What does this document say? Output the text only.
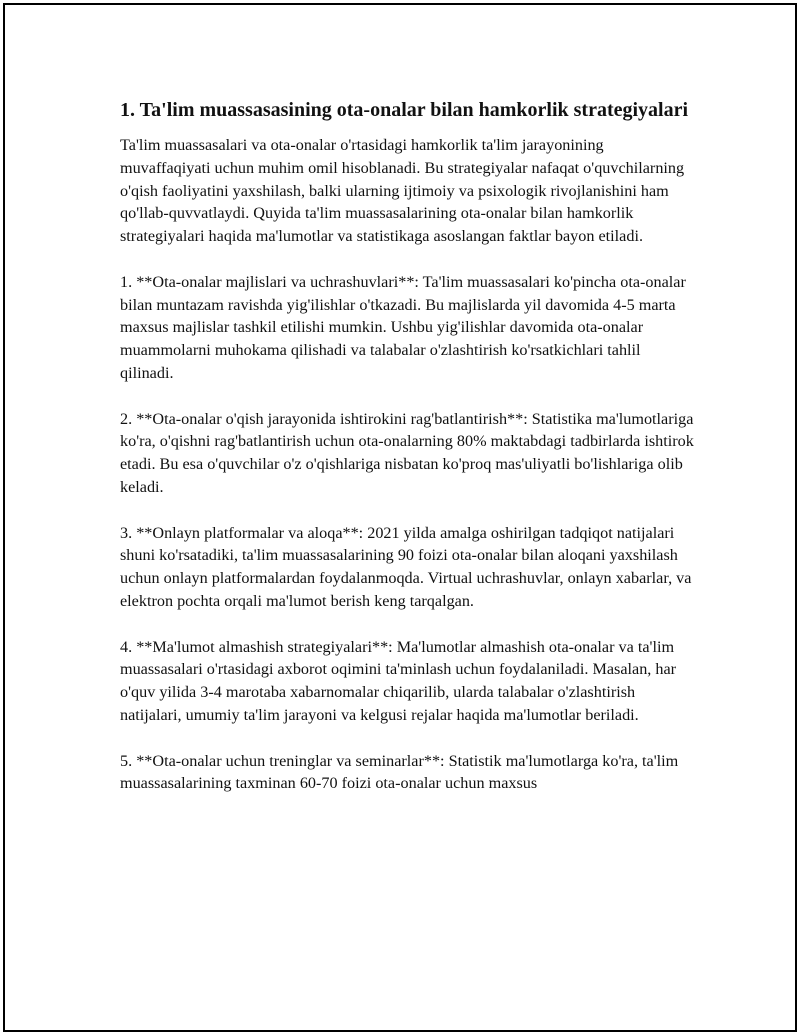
1. Ta'lim muassasasining ota-onalar bilan hamkorlik strategiyalari

Ta'lim muassasalari va ota-onalar o'rtasidagi hamkorlik ta'lim jarayonining muvaffaqiyati uchun muhim omil hisoblanadi. Bu strategiyalar nafaqat o'quvchilarning o'qish faoliyatini yaxshilash, balki ularning ijtimoiy va psixologik rivojlanishini ham qo'llab-quvvatlaydi. Quyida ta'lim muassasalarining ota-onalar bilan hamkorlik strategiyalari haqida ma'lumotlar va statistikaga asoslangan faktlar bayon etiladi.

1. **Ota-onalar majlislari va uchrashuvlari**: Ta'lim muassasalari ko'pincha ota-onalar bilan muntazam ravishda yig'ilishlar o'tkazadi. Bu majlislarda yil davomida 4-5 marta maxsus majlislar tashkil etilishi mumkin. Ushbu yig'ilishlar davomida ota-onalar muammolarni muhokama qilishadi va talabalar o'zlashtirish ko'rsatkichlari tahlil qilinadi.

2. **Ota-onalar o'qish jarayonida ishtirokini rag'batlantirish**: Statistika ma'lumotlariga ko'ra, o'qishni rag'batlantirish uchun ota-onalarning 80% maktabdagi tadbirlarda ishtirok etadi. Bu esa o'quvchilar o'z o'qishlariga nisbatan ko'proq mas'uliyatli bo'lishlariga olib keladi.

3. **Onlayn platformalar va aloqa**: 2021 yilda amalga oshirilgan tadqiqot natijalari shuni ko'rsatadiki, ta'lim muassasalarining 90 foizi ota-onalar bilan aloqani yaxshilash uchun onlayn platformalardan foydalanmoqda. Virtual uchrashuvlar, onlayn xabarlar, va elektron pochta orqali ma'lumot berish keng tarqalgan.

4. **Ma'lumot almashish strategiyalari**: Ma'lumotlar almashish ota-onalar va ta'lim muassasalari o'rtasidagi axborot oqimini ta'minlash uchun foydalaniladi. Masalan, har o'quv yilida 3-4 marotaba xabarnomalar chiqarilib, ularda talabalar o'zlashtirish natijalari, umumiy ta'lim jarayoni va kelgusi rejalar haqida ma'lumotlar beriladi.

5. **Ota-onalar uchun treninglar va seminarlar**: Statistik ma'lumotlarga ko'ra, ta'lim muassasalarining taxminan 60-70 foizi ota-onalar uchun maxsus
